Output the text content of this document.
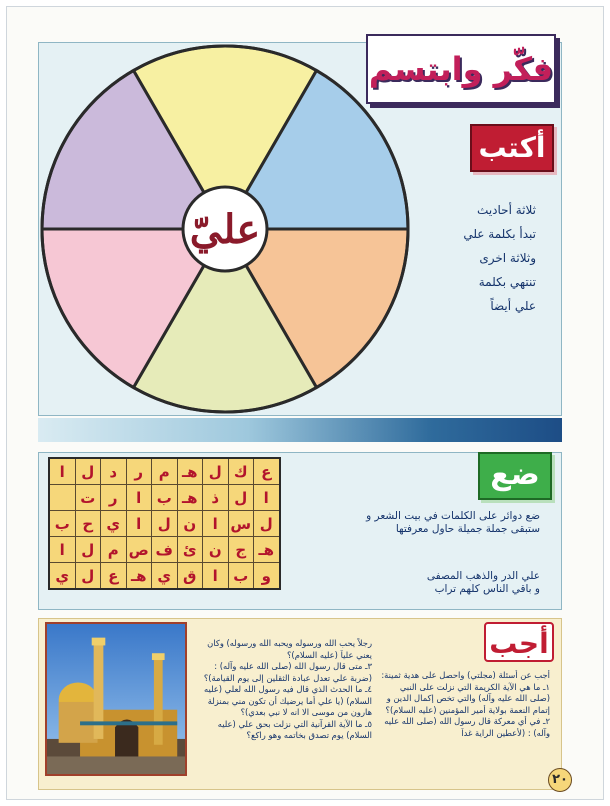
عليّ
فكّر وابتسم
أكتب
ثلاثة أحاديث
تبدأ بكلمة علي
وثلاثة اخرى
تنتهي بكلمة
علي أيضاً
ع	ك	ل	هـ	م	ر	د	ل	ا
ا	ل	ذ	هـ	ب	ا	ر	ت	
ل	س	ا	ن	ل	ا	ي	ح	ب
هـ	ج	ن	ئ	ف	ص	م	ل	ا
و	ب	ا	ق	ي	هـ	ع	ل	ي
ضع
ضع دوائر على الكلمات في بيت الشعر و ستبقى جملة جميلة حاول معرفتها
علي الدر والذهب المصفى
و باقي الناس كلهم تراب
أجب
أجب عن أسئلة (مجلتي) واحصل على هدية ثمينة:
١ـ ما هي الآية الكريمة التي نزلت على النبي
(صلى الله عليه وآله) والتي تخص إكمال الدين و
إتمام النعمة بولاية أمير المؤمنين (عليه السلام)؟
٢ـ في أي معركة قال رسول الله (صلى الله عليه
وآله) : (لأعطين الراية غداً
رجلاً يحب الله ورسوله ويحبه الله ورسوله) وكان
يعني علياً (عليه السلام)؟
٣ـ متى قال رسول الله (صلى الله عليه وآله) :
(ضربة علي تعدل عبادة الثقلين إلى يوم القيامة)؟
٤ـ ما الحدث الذي قال فيه رسول الله لعلي (عليه
السلام) (يا علي أما يرضيك أن تكون مني بمنزلة
هارون من موسى الا انه لا نبي بعدي)؟
٥ـ ما الآية القرآنية التي نزلت بحق علي (عليه
السلام) يوم تصدق بخاتمه وهو راكع؟
٢٠
